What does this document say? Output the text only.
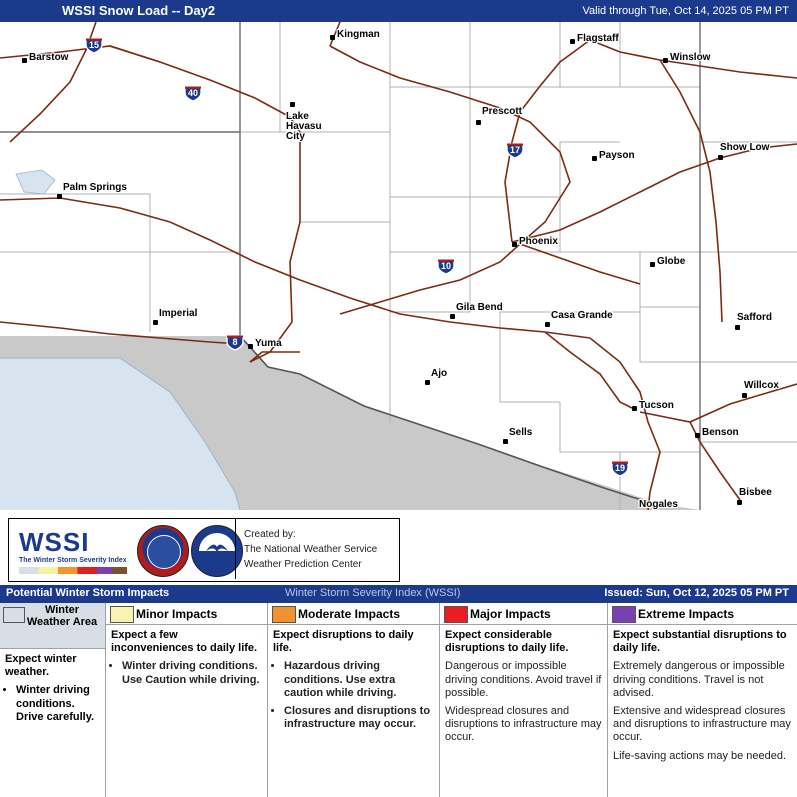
WSSI Snow Load -- Day2	Valid through Tue, Oct 14, 2025 05 PM PT
15
40
17
10
8
19
Barstow
Kingman	Flagstaff
Winslow
Lake Havasu City
Prescott
Payson
Show Low
Palm Springs
Phoenix
Globe
Imperial
Gila Bend
Casa Grande	Safford
Yuma
Ajo
Tucson
Willcox
Benson
Sells
Bisbee
Nogales
WSSI
The Winter Storm Severity Index
Created by:
The National Weather Service
Weather Prediction Center
Potential Winter Storm Impacts	Winter Storm Severity Index (WSSI)	Issued: Sun, Oct 12, 2025 05 PM PT
Winter Weather Area

Expect winter weather.

• Winter driving conditions. Drive carefully.
Minor Impacts

Expect a few inconveniences to daily life.

• Winter driving conditions. Use Caution while driving.
Moderate Impacts

Expect disruptions to daily life.

• Hazardous driving conditions. Use extra caution while driving.
• Closures and disruptions to infrastructure may occur.
Major Impacts

Expect considerable disruptions to daily life.

Dangerous or impossible driving conditions. Avoid travel if possible.

Widespread closures and disruptions to infrastructure may occur.

Extreme Impacts

Expect substantial disruptions to daily life.

Extremely dangerous or impossible driving conditions. Travel is not advised.

Extensive and widespread closures and disruptions to infrastructure may occur.

Life-saving actions may be needed.
